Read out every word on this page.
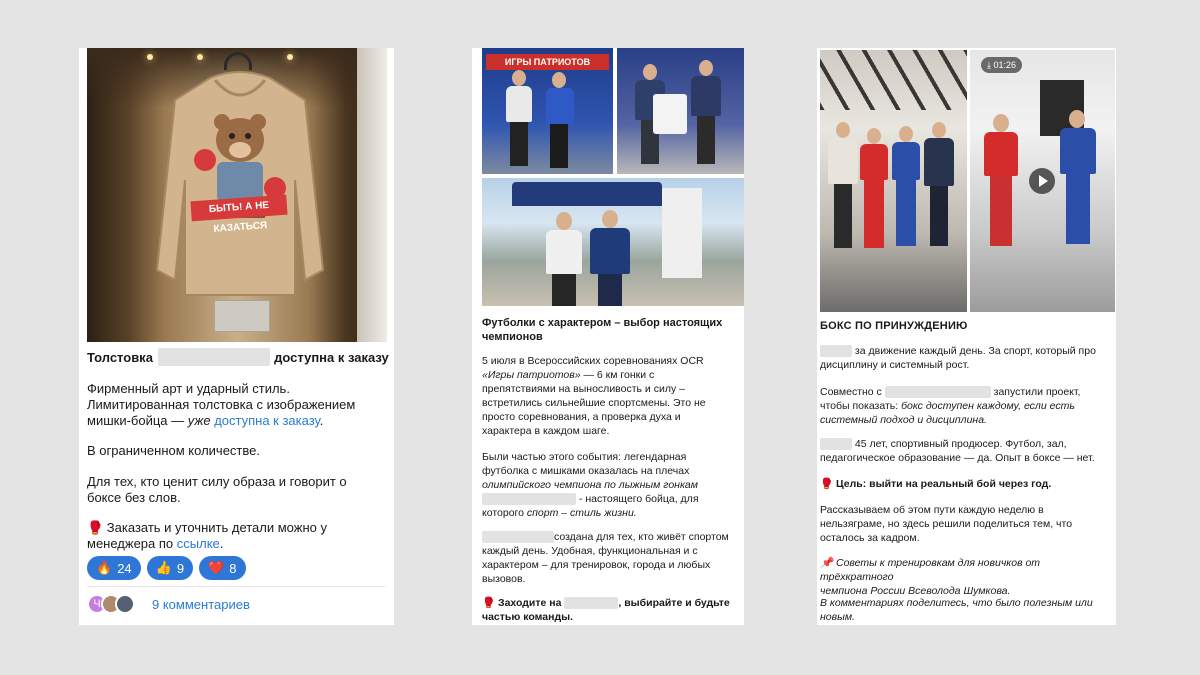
БЫТЬ! А НЕ КАЗАТЬСЯ
Толстовка	доступна к заказу
Фирменный арт и ударный стиль.
Лимитированная толстовка с изображением
мишки-бойца — уже доступна к заказу.
В ограниченном количестве.
Для тех, кто ценит силу образа и говорит о
боксе без слов.
🥊 Заказать и уточнить детали можно у
менеджера по ссылке.
🔥 24 👍 9 ❤️ 8
Ч	9 комментариев
ИГРЫ ПАТРИОТОВ
Футболки с характером – выбор настоящих чемпионов
5 июля в Всероссийских соревнованиях OCR
«Игры патриотов» — 6 км гонки с
препятствиями на выносливость и силу –
встретились сильнейшие спортсмены. Это не
просто соревнования, а проверка духа и
характера в каждом шаге.
Были частью этого события: легендарная
футболка с мишками оказалась на плечах
олимпийского чемпиона по лыжным гонкам
- настоящего бойца, для
которого спорт – стиль жизни.
создана для тех, кто живёт спортом
каждый день. Удобная, функциональная и с
характером – для тренировок, города и любых
вызовов.
🥊 Заходите на	, выбирайте и будьте
частью команды.
⤓ 01:26
БОКС ПО ПРИНУЖДЕНИЮ
за движение каждый день. За спорт, который про
дисциплину и системный рост.
Совместно с	запустили проект,
чтобы показать: бокс доступен каждому, если есть
системный подход и дисциплина.
45 лет, спортивный продюсер. Футбол, зал,
педагогическое образование — да. Опыт в боксе — нет.
🥊 Цель: выйти на реальный бой через год.
Рассказываем об этом пути каждую неделю в
нельзяграме, но здесь решили поделиться тем, что
осталось за кадром.
📌 Советы к тренировкам для новичков от трёхкратного
чемпиона России Всеволода Шумкова.
В комментариях поделитесь, что было полезным или
новым.
